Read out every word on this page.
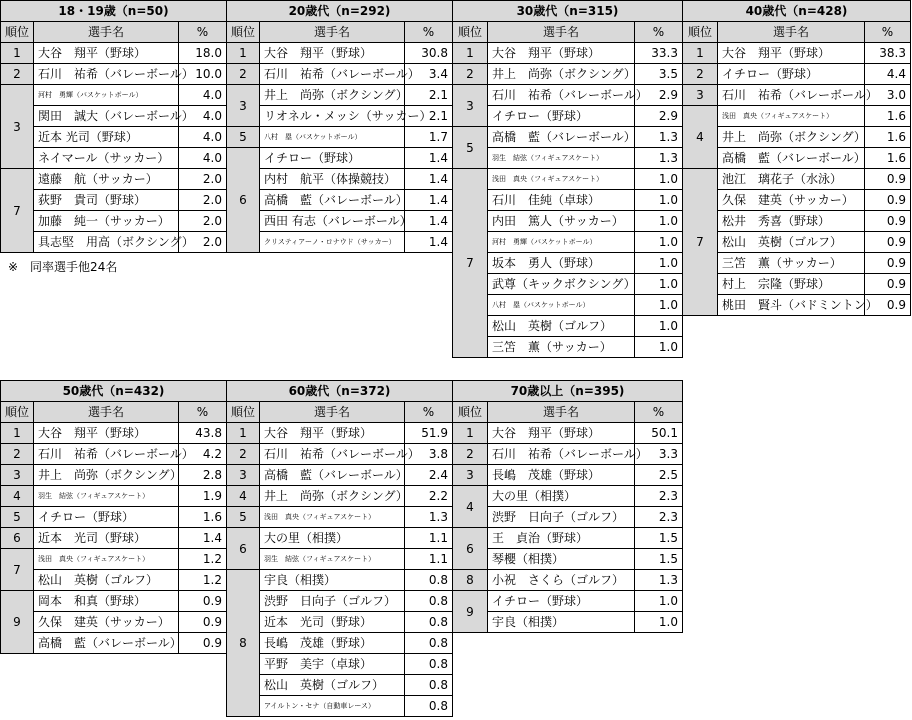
18・19歳（n=50)		
順位	選手名	%
1	大谷　翔平（野球）	18.0
2	石川　祐希（バレーボール）	10.0
3	河村　勇輝（バスケットボール）	4.0
	関田　誠大（バレーボール）	4.0
	近本 光司（野球）	4.0
	ネイマール（サッカー）	4.0
7	遠藤　航（サッカー）	2.0
	荻野　貴司（野球）	2.0
	加藤　純一（サッカー）	2.0
	具志堅　用高（ボクシング）	2.0
※　同率選手他24名
20歳代（n=292)		
順位	選手名	%
1	大谷　翔平（野球）	30.8
2	石川　祐希（バレーボール）	3.4
3	井上　尚弥（ボクシング）	2.1
	リオネル・メッシ（サッカー）	2.1
5	八村　塁（バスケットボール）	1.7
6	イチロー（野球）	1.4
	内村　航平（体操競技）	1.4
	高橋　藍（バレーボール）	1.4
	西田 有志（バレーボール）	1.4
	クリスティアーノ・ロナウド（サッカー）	1.4
30歳代（n=315)		
順位	選手名	%
1	大谷　翔平（野球）	33.3
2	井上　尚弥（ボクシング）	3.5
3	石川　祐希（バレーボール）	2.9
	イチロー（野球）	2.9
5	高橋　藍（バレーボール）	1.3
	羽生　結弦（フィギュアスケート）	1.3
7	浅田　真央（フィギュアスケート）	1.0
	石川　佳純（卓球）	1.0
	内田　篤人（サッカー）	1.0
	河村　勇輝（バスケットボール）	1.0
	坂本　勇人（野球）	1.0
	武尊（キックボクシング）	1.0
	八村　塁（バスケットボール）	1.0
	松山　英樹（ゴルフ）	1.0
	三笘　薫（サッカー）	1.0
40歳代（n=428)		
順位	選手名	%
1	大谷　翔平（野球）	38.3
2	イチロー（野球）	4.4
3	石川　祐希（バレーボール）	3.0
4	浅田　真央（フィギュアスケート）	1.6
	井上　尚弥（ボクシング）	1.6
	高橋　藍（バレーボール）	1.6
7	池江　璃花子（水泳）	0.9
	久保　建英（サッカー）	0.9
	松井　秀喜（野球）	0.9
	松山　英樹（ゴルフ）	0.9
	三笘　薫（サッカー）	0.9
	村上　宗隆（野球）	0.9
	桃田　賢斗（バドミントン）	0.9
50歳代（n=432)		
順位	選手名	%
1	大谷　翔平（野球）	43.8
2	石川　祐希（バレーボール）	4.2
3	井上　尚弥（ボクシング）	2.8
4	羽生　結弦（フィギュアスケート）	1.9
5	イチロー（野球）	1.6
6	近本　光司（野球）	1.4
7	浅田　真央（フィギュアスケート）	1.2
	松山　英樹（ゴルフ）	1.2
9	岡本　和真（野球）	0.9
	久保　建英（サッカー）	0.9
	高橋　藍（バレーボール）	0.9
60歳代（n=372)		
順位	選手名	%
1	大谷　翔平（野球）	51.9
2	石川　祐希（バレーボール）	3.8
3	高橋　藍（バレーボール）	2.4
4	井上　尚弥（ボクシング）	2.2
5	浅田　真央（フィギュアスケート）	1.3
6	大の里（相撲）	1.1
	羽生　結弦（フィギュアスケート）	1.1
8	宇良（相撲）	0.8
	渋野　日向子（ゴルフ）	0.8
	近本　光司（野球）	0.8
	長嶋　茂雄（野球）	0.8
	平野　美宇（卓球）	0.8
	松山　英樹（ゴルフ）	0.8
	アイルトン・セナ（自動車レース）	0.8
70歳以上（n=395)		
順位	選手名	%
1	大谷　翔平（野球）	50.1
2	石川　祐希（バレーボール）	3.3
3	長嶋　茂雄（野球）	2.5
4	大の里（相撲）	2.3
	渋野　日向子（ゴルフ）	2.3
6	王　貞治（野球）	1.5
	琴櫻（相撲）	1.5
8	小祝　さくら（ゴルフ）	1.3
9	イチロー（野球）	1.0
	宇良（相撲）	1.0
